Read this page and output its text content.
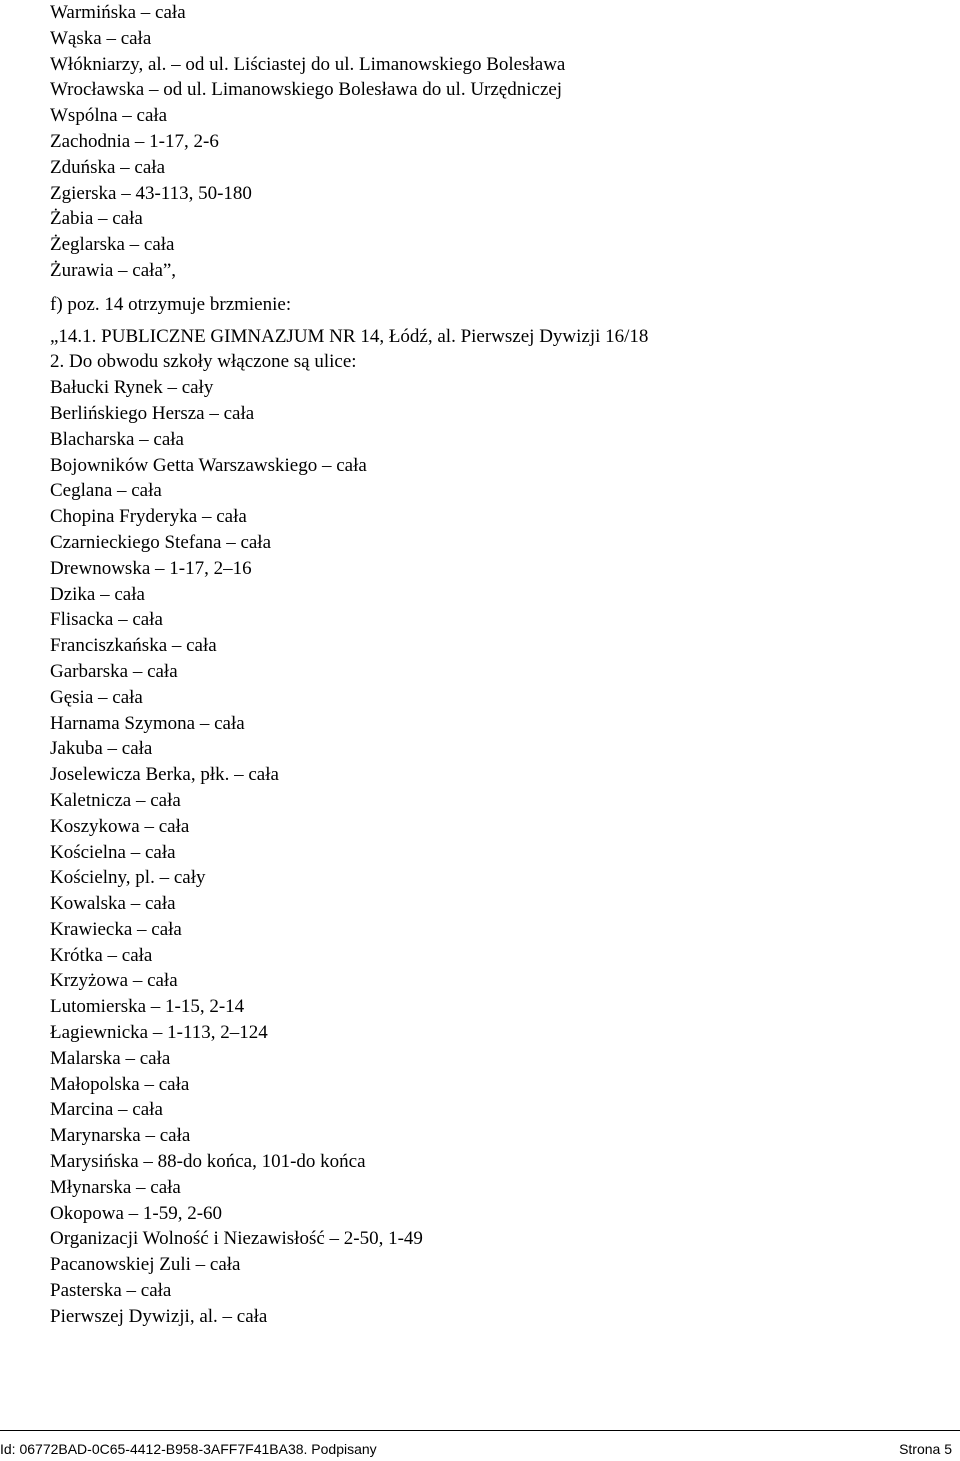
Warmińska – cała
Wąska – cała
Włókniarzy, al. – od ul. Liściastej do ul. Limanowskiego Bolesława
Wrocławska – od ul. Limanowskiego Bolesława do ul. Urzędniczej
Wspólna – cała
Zachodnia – 1-17, 2-6
Zduńska – cała
Zgierska – 43-113, 50-180
Żabia – cała
Żeglarska – cała
Żurawia – cała”,
f) poz. 14 otrzymuje brzmienie:
„14.1. PUBLICZNE GIMNAZJUM NR 14, Łódź, al. Pierwszej Dywizji 16/18
2. Do obwodu szkoły włączone są ulice:
Bałucki Rynek – cały
Berlińskiego Hersza – cała
Blacharska – cała
Bojowników Getta Warszawskiego – cała
Ceglana – cała
Chopina Fryderyka – cała
Czarnieckiego Stefana – cała
Drewnowska – 1-17, 2–16
Dzika – cała
Flisacka – cała
Franciszkańska – cała
Garbarska – cała
Gęsia – cała
Harnama Szymona – cała
Jakuba – cała
Joselewicza Berka, płk. – cała
Kaletnicza – cała
Koszykowa – cała
Kościelna – cała
Kościelny, pl. – cały
Kowalska – cała
Krawiecka – cała
Krótka – cała
Krzyżowa – cała
Lutomierska – 1-15, 2-14
Łagiewnicka – 1-113, 2–124
Malarska – cała
Małopolska – cała
Marcina – cała
Marynarska – cała
Marysińska – 88-do końca, 101-do końca
Młynarska – cała
Okopowa – 1-59, 2-60
Organizacji Wolność i Niezawisłość – 2-50, 1-49
Pacanowskiej Zuli – cała
Pasterska – cała
Pierwszej Dywizji, al. – cała
Id: 06772BAD-0C65-4412-B958-3AFF7F41BA38. Podpisany	Strona 5
